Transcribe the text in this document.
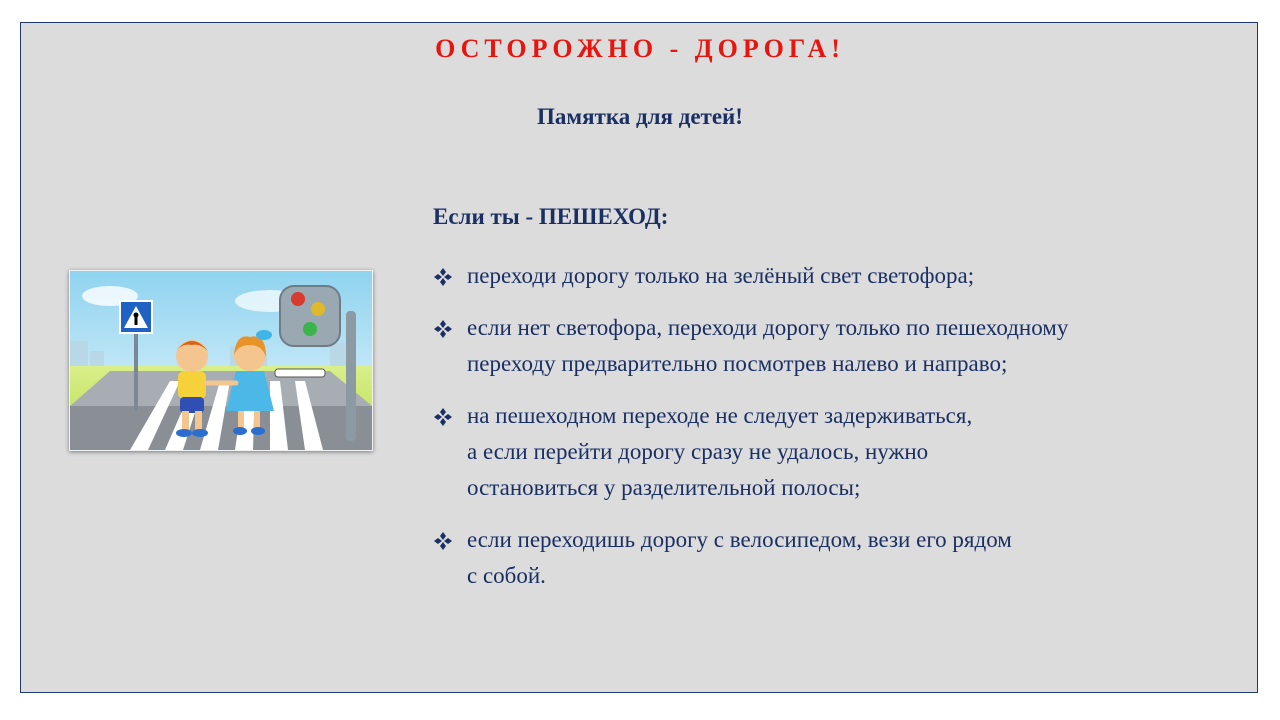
ОСТОРОЖНО - ДОРОГА!
Памятка для детей!
Если ты - ПЕШЕХОД:
переходи дорогу только на зелёный свет светофора;
если нет светофора, переходи дорогу только по пешеходному
переходу предварительно посмотрев налево и направо;
на пешеходном переходе не следует задерживаться,
а если перейти дорогу сразу не удалось, нужно
остановиться у разделительной полосы;
если переходишь дорогу с велосипедом, вези его рядом
с собой.
